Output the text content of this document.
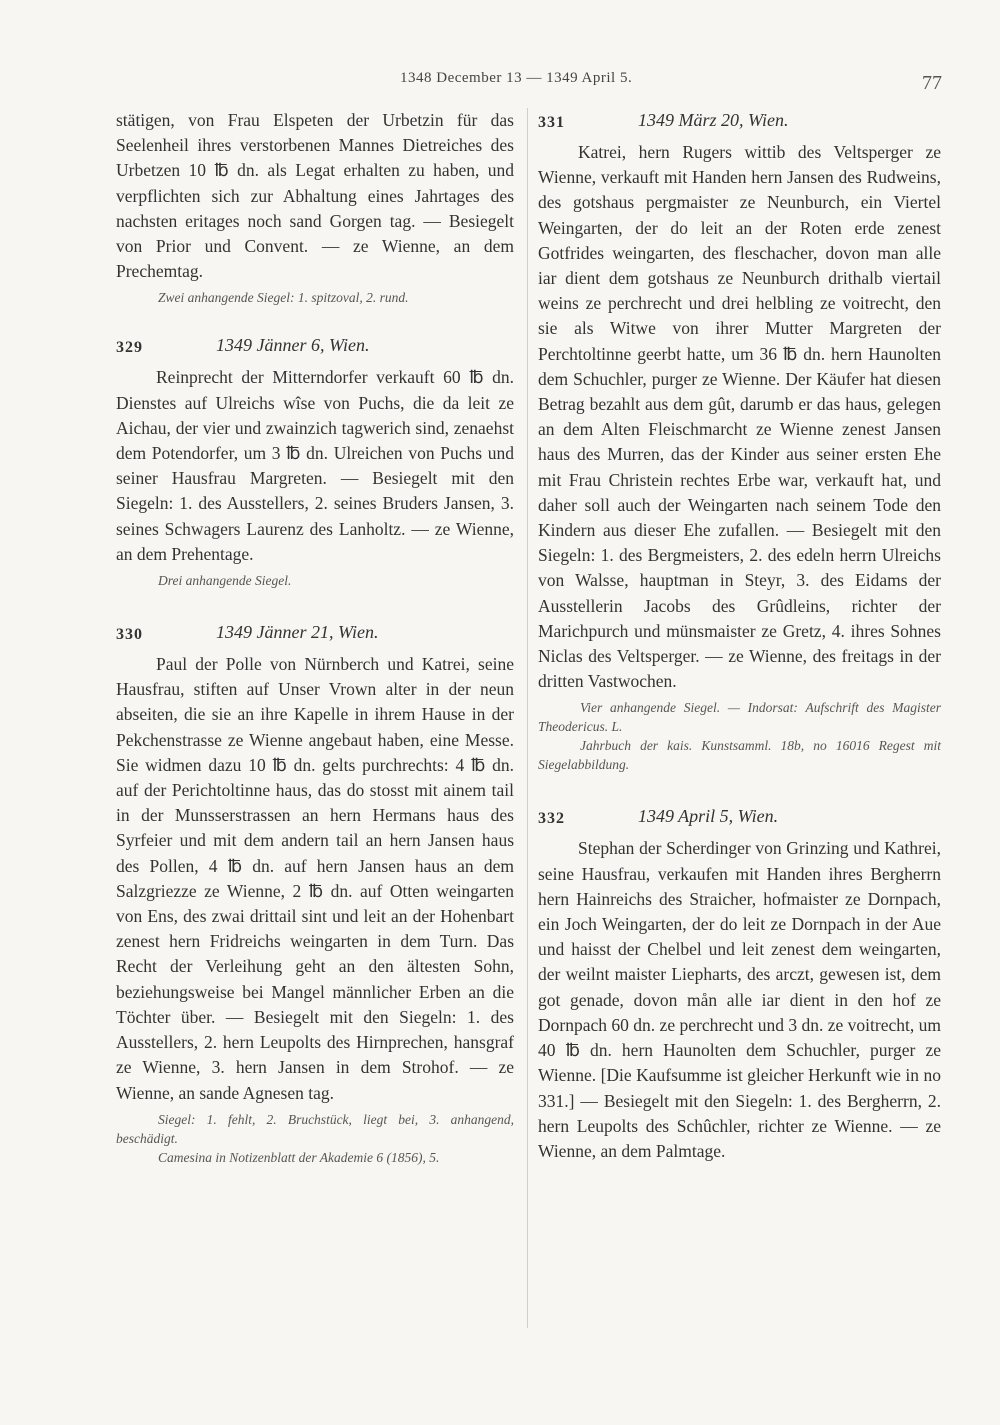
1348 December 13 — 1349 April 5.	77

stätigen, von Frau Elspeten der Urbetzin für das Seelenheil ihres verstorbenen Mannes Dietreiches des Urbetzen 10 ℔ dn. als Legat erhalten zu haben, und verpflichten sich zur Abhaltung eines Jahrtages des nachsten eritages noch sand Gorgen tag. — Besiegelt von Prior und Convent. — ze Wienne, an dem Prechemtag.

Zwei anhangende Siegel: 1. spitzoval, 2. rund.

329	1349 Jänner 6, Wien.

Reinprecht der Mitterndorfer verkauft 60 ℔ dn. Dienstes auf Ulreichs wîse von Puchs, die da leit ze Aichau, der vier und zwainzich tagwerich sind, zenaehst dem Potendorfer, um 3 ℔ dn. Ulreichen von Puchs und seiner Hausfrau Margreten. — Besiegelt mit den Siegeln: 1. des Ausstellers, 2. seines Bruders Jansen, 3. seines Schwagers Laurenz des Lanholtz. — ze Wienne, an dem Prehentage.

Drei anhangende Siegel.

330	1349 Jänner 21, Wien.

Paul der Polle von Nürnberch und Katrei, seine Hausfrau, stiften auf Unser Vrown alter in der neun abseiten, die sie an ihre Kapelle in ihrem Hause in der Pekchenstrasse ze Wienne angebaut haben, eine Messe. Sie widmen dazu 10 ℔ dn. gelts purchrechts: 4 ℔ dn. auf der Perichtoltinne haus, das do stosst mit ainem tail in der Munsserstrassen an hern Hermans haus des Syrfeier und mit dem andern tail an hern Jansen haus des Pollen, 4 ℔ dn. auf hern Jansen haus an dem Salzgriezze ze Wienne, 2 ℔ dn. auf Otten weingarten von Ens, des zwai drittail sint und leit an der Hohenbart zenest hern Fridreichs weingarten in dem Turn. Das Recht der Verleihung geht an den ältesten Sohn, beziehungsweise bei Mangel männlicher Erben an die Töchter über. — Besiegelt mit den Siegeln: 1. des Ausstellers, 2. hern Leupolts des Hirnprechen, hansgraf ze Wienne, 3. hern Jansen in dem Strohof. — ze Wienne, an sande Agnesen tag.

Siegel: 1. fehlt, 2. Bruchstück, liegt bei, 3. anhangend, beschädigt.

Camesina in Notizenblatt der Akademie 6 (1856), 5.

331	1349 März 20, Wien.

Katrei, hern Rugers wittib des Veltsperger ze Wienne, verkauft mit Handen hern Jansen des Rudweins, des gotshaus pergmaister ze Neunburch, ein Viertel Weingarten, der do leit an der Roten erde zenest Gotfrides weingarten, des fleschacher, dovon man alle iar dient dem gotshaus ze Neunburch drithalb viertail weins ze perchrecht und drei helbling ze voitrecht, den sie als Witwe von ihrer Mutter Margreten der Perchtoltinne geerbt hatte, um 36 ℔ dn. hern Haunolten dem Schuchler, purger ze Wienne. Der Käufer hat diesen Betrag bezahlt aus dem gût, darumb er das haus, gelegen an dem Alten Fleischmarcht ze Wienne zenest Jansen haus des Murren, das der Kinder aus seiner ersten Ehe mit Frau Christein rechtes Erbe war, verkauft hat, und daher soll auch der Weingarten nach seinem Tode den Kindern aus dieser Ehe zufallen. — Besiegelt mit den Siegeln: 1. des Bergmeisters, 2. des edeln herrn Ulreichs von Walsse, hauptman in Steyr, 3. des Eidams der Ausstellerin Jacobs des Grûdleins, richter der Marichpurch und münsmaister ze Gretz, 4. ihres Sohnes Niclas des Veltsperger. — ze Wienne, des freitags in der dritten Vastwochen.

Vier anhangende Siegel. — Indorsat: Aufschrift des Magister Theodericus. L.

Jahrbuch der kais. Kunstsamml. 18b, no 16016 Regest mit Siegelabbildung.

332	1349 April 5, Wien.

Stephan der Scherdinger von Grinzing und Kathrei, seine Hausfrau, verkaufen mit Handen ihres Bergherrn hern Hainreichs des Straicher, hofmaister ze Dornpach, ein Joch Weingarten, der do leit ze Dornpach in der Aue und haisst der Chelbel und leit zenest dem weingarten, der weilnt maister Liepharts, des arczt, gewesen ist, dem got genade, dovon mån alle iar dient in den hof ze Dornpach 60 dn. ze perchrecht und 3 dn. ze voitrecht, um 40 ℔ dn. hern Haunolten dem Schuchler, purger ze Wienne. [Die Kaufsumme ist gleicher Herkunft wie in no 331.] — Besiegelt mit den Siegeln: 1. des Bergherrn, 2. hern Leupolts des Schûchler, richter ze Wienne. — ze Wienne, an dem Palmtage.
